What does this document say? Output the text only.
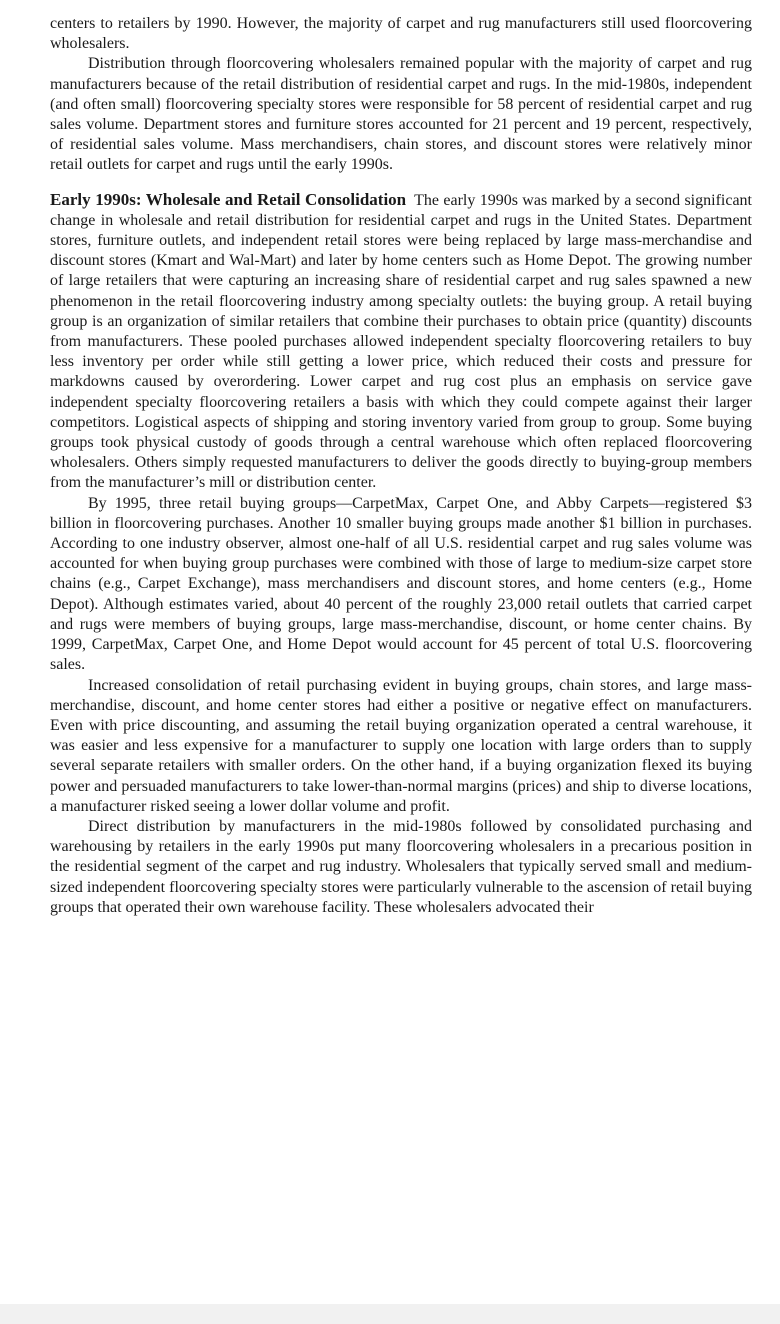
centers to retailers by 1990. However, the majority of carpet and rug manufacturers still used floorcovering wholesalers.

Distribution through floorcovering wholesalers remained popular with the majority of carpet and rug manufacturers because of the retail distribution of residential carpet and rugs. In the mid-1980s, independent (and often small) floorcovering specialty stores were responsible for 58 percent of residential carpet and rug sales volume. Department stores and furniture stores accounted for 21 percent and 19 percent, respectively, of residential sales volume. Mass merchandisers, chain stores, and discount stores were relatively minor retail outlets for carpet and rugs until the early 1990s.

Early 1990s: Wholesale and Retail Consolidation The early 1990s was marked by a second significant change in wholesale and retail distribution for residential carpet and rugs in the United States. Department stores, furniture outlets, and independent retail stores were being replaced by large mass-merchandise and discount stores (Kmart and Wal-Mart) and later by home centers such as Home Depot. The growing number of large retailers that were capturing an increasing share of residential carpet and rug sales spawned a new phenomenon in the retail floorcovering industry among specialty outlets: the buying group. A retail buying group is an organization of similar retailers that combine their purchases to obtain price (quantity) discounts from manufacturers. These pooled purchases allowed independent specialty floorcovering retailers to buy less inventory per order while still getting a lower price, which reduced their costs and pressure for markdowns caused by overordering. Lower carpet and rug cost plus an emphasis on service gave independent specialty floorcovering retailers a basis with which they could compete against their larger competitors. Logistical aspects of shipping and storing inventory varied from group to group. Some buying groups took physical custody of goods through a central warehouse which often replaced floorcovering wholesalers. Others simply requested manufacturers to deliver the goods directly to buying-group members from the manufacturer’s mill or distribution center.

By 1995, three retail buying groups—CarpetMax, Carpet One, and Abby Carpets—registered $3 billion in floorcovering purchases. Another 10 smaller buying groups made another $1 billion in purchases. According to one industry observer, almost one-half of all U.S. residential carpet and rug sales volume was accounted for when buying group purchases were combined with those of large to medium-size carpet store chains (e.g., Carpet Exchange), mass merchandisers and discount stores, and home centers (e.g., Home Depot). Although estimates varied, about 40 percent of the roughly 23,000 retail outlets that carried carpet and rugs were members of buying groups, large mass-merchandise, discount, or home center chains. By 1999, CarpetMax, Carpet One, and Home Depot would account for 45 percent of total U.S. floorcovering sales.

Increased consolidation of retail purchasing evident in buying groups, chain stores, and large mass-merchandise, discount, and home center stores had either a positive or negative effect on manufacturers. Even with price discounting, and assuming the retail buying organization operated a central warehouse, it was easier and less expensive for a manufacturer to supply one location with large orders than to supply several separate retailers with smaller orders. On the other hand, if a buying organization flexed its buying power and persuaded manufacturers to take lower-than-normal margins (prices) and ship to diverse locations, a manufacturer risked seeing a lower dollar volume and profit.

Direct distribution by manufacturers in the mid-1980s followed by consolidated purchasing and warehousing by retailers in the early 1990s put many floorcovering wholesalers in a precarious position in the residential segment of the carpet and rug industry. Wholesalers that typically served small and medium-sized independent floorcovering specialty stores were particularly vulnerable to the ascension of retail buying groups that operated their own warehouse facility. These wholesalers advocated their
